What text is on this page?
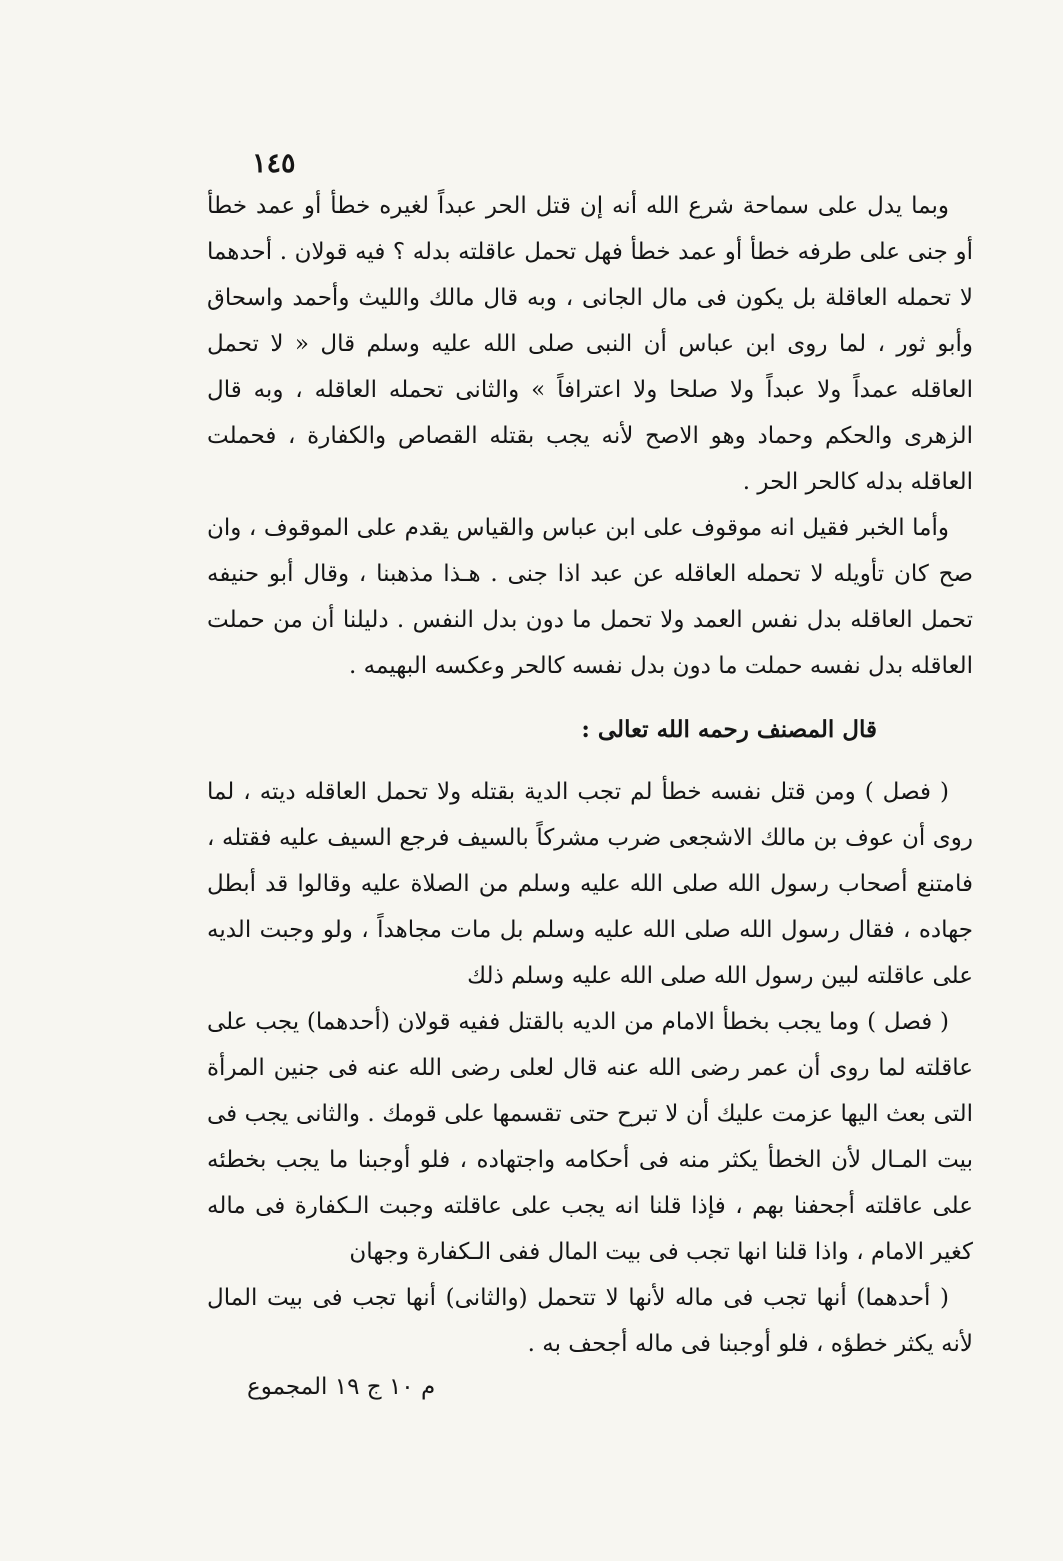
١٤٥

وبما يدل على سماحة شرع الله أنه إن قتل الحر عبداً لغيره خطأ أو عمد خطأ أو جنى على طرفه خطأ أو عمد خطأ فهل تحمل عاقلته بدله ؟ فيه قولان . أحدهما لا تحمله العاقلة بل يكون فى مال الجانى ، وبه قال مالك والليث وأحمد واسحاق وأبو ثور ، لما روى ابن عباس أن النبى صلى الله عليه وسلم قال « لا تحمل العاقله عمداً ولا عبداً ولا صلحا ولا اعترافاً » والثانى تحمله العاقله ، وبه قال الزهرى والحكم وحماد وهو الاصح لأنه يجب بقتله القصاص والكفارة ، فحملت العاقله بدله كالحر الحر .

وأما الخبر فقيل انه موقوف على ابن عباس والقياس يقدم على الموقوف ، وان صح كان تأويله لا تحمله العاقله عن عبد اذا جنى . هـذا مذهبنا ، وقال أبو حنيفه تحمل العاقله بدل نفس العمد ولا تحمل ما دون بدل النفس . دليلنا أن من حملت العاقله بدل نفسه حملت ما دون بدل نفسه كالحر وعكسه البهيمه .

قال المصنف رحمه الله تعالى :

( فصل ) ومن قتل نفسه خطأ لم تجب الدية بقتله ولا تحمل العاقله ديته ، لما روى أن عوف بن مالك الاشجعى ضرب مشركاً بالسيف فرجع السيف عليه فقتله ، فامتنع أصحاب رسول الله صلى الله عليه وسلم من الصلاة عليه وقالوا قد أبطل جهاده ، فقال رسول الله صلى الله عليه وسلم بل مات مجاهداً ، ولو وجبت الديه على عاقلته لبين رسول الله صلى الله عليه وسلم ذلك

( فصل ) وما يجب بخطأ الامام من الديه بالقتل ففيه قولان (أحدهما) يجب على عاقلته لما روى أن عمر رضى الله عنه قال لعلى رضى الله عنه فى جنين المرأة التى بعث اليها عزمت عليك أن لا تبرح حتى تقسمها على قومك . والثانى يجب فى بيت المـال لأن الخطأ يكثر منه فى أحكامه واجتهاده ، فلو أوجبنا ما يجب بخطئه على عاقلته أجحفنا بهم ، فإذا قلنا انه يجب على عاقلته وجبت الـكفارة فى ماله كغير الامام ، واذا قلنا انها تجب فى بيت المال ففى الـكفارة وجهان

( أحدهما) أنها تجب فى ماله لأنها لا تتحمل (والثانى) أنها تجب فى بيت المال لأنه يكثر خطؤه ، فلو أوجبنا فى ماله أجحف به .

م ١٠ ج ١٩ المجموع
